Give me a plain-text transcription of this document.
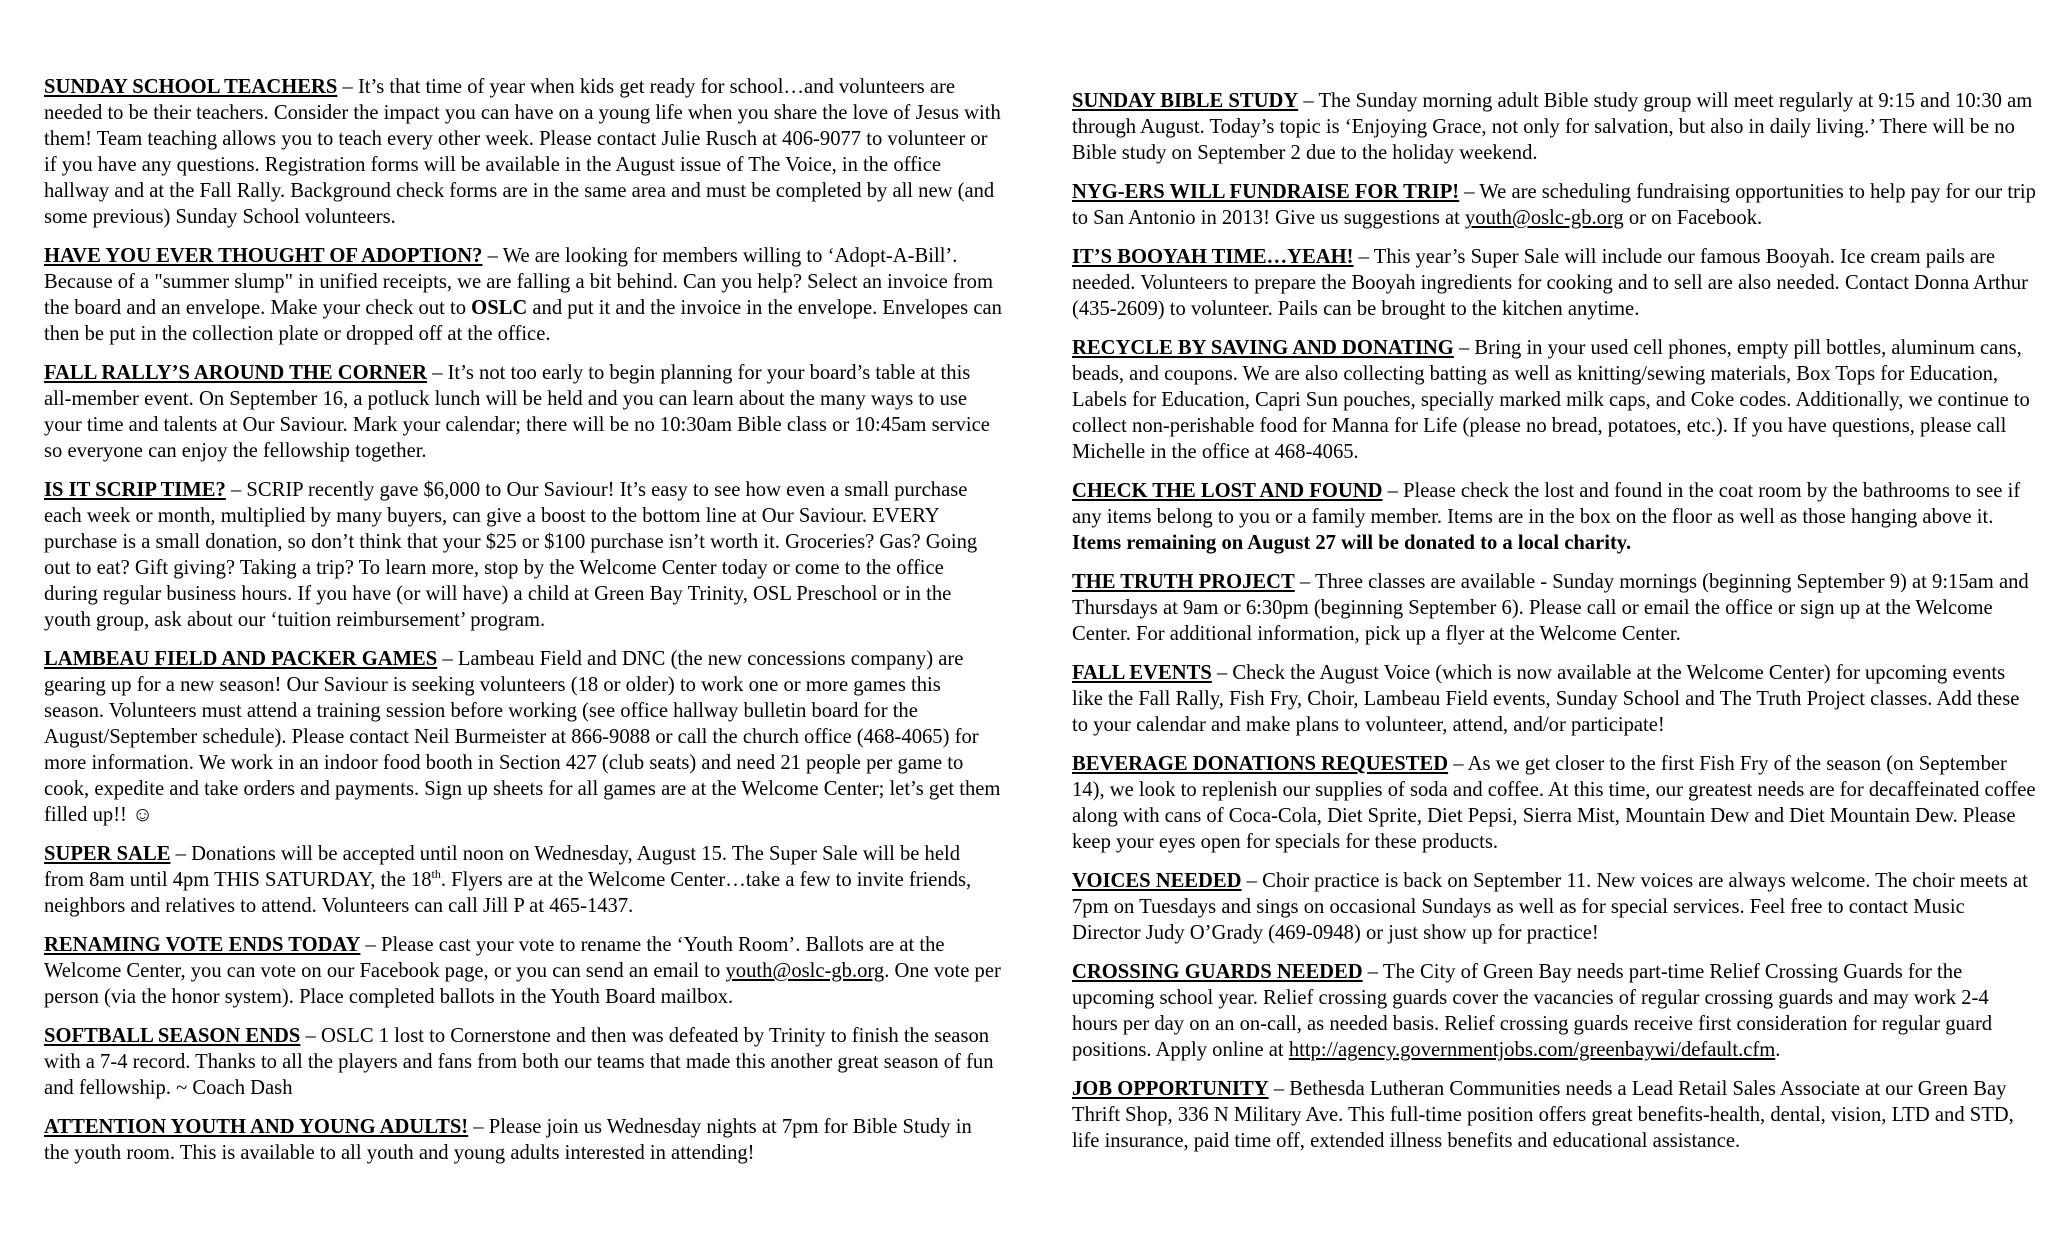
SUNDAY SCHOOL TEACHERS – It’s that time of year when kids get ready for school…and volunteers are needed to be their teachers. Consider the impact you can have on a young life when you share the love of Jesus with them! Team teaching allows you to teach every other week. Please contact Julie Rusch at 406-9077 to volunteer or if you have any questions. Registration forms will be available in the August issue of The Voice, in the office hallway and at the Fall Rally. Background check forms are in the same area and must be completed by all new (and some previous) Sunday School volunteers.

HAVE YOU EVER THOUGHT OF ADOPTION? – We are looking for members willing to ‘Adopt-A-Bill’. Because of a "summer slump" in unified receipts, we are falling a bit behind. Can you help? Select an invoice from the board and an envelope. Make your check out to OSLC and put it and the invoice in the envelope. Envelopes can then be put in the collection plate or dropped off at the office.

FALL RALLY’S AROUND THE CORNER – It’s not too early to begin planning for your board’s table at this all-member event. On September 16, a potluck lunch will be held and you can learn about the many ways to use your time and talents at Our Saviour. Mark your calendar; there will be no 10:30am Bible class or 10:45am service so everyone can enjoy the fellowship together.

IS IT SCRIP TIME? – SCRIP recently gave $6,000 to Our Saviour! It’s easy to see how even a small purchase each week or month, multiplied by many buyers, can give a boost to the bottom line at Our Saviour. EVERY purchase is a small donation, so don’t think that your $25 or $100 purchase isn’t worth it. Groceries? Gas? Going out to eat? Gift giving? Taking a trip? To learn more, stop by the Welcome Center today or come to the office during regular business hours. If you have (or will have) a child at Green Bay Trinity, OSL Preschool or in the youth group, ask about our ‘tuition reimbursement’ program.

LAMBEAU FIELD AND PACKER GAMES – Lambeau Field and DNC (the new concessions company) are gearing up for a new season! Our Saviour is seeking volunteers (18 or older) to work one or more games this season. Volunteers must attend a training session before working (see office hallway bulletin board for the August/September schedule). Please contact Neil Burmeister at 866-9088 or call the church office (468-4065) for more information. We work in an indoor food booth in Section 427 (club seats) and need 21 people per game to cook, expedite and take orders and payments. Sign up sheets for all games are at the Welcome Center; let’s get them filled up!! ☺

SUPER SALE – Donations will be accepted until noon on Wednesday, August 15. The Super Sale will be held from 8am until 4pm THIS SATURDAY, the 18th. Flyers are at the Welcome Center…take a few to invite friends, neighbors and relatives to attend. Volunteers can call Jill P at 465-1437.

RENAMING VOTE ENDS TODAY – Please cast your vote to rename the ‘Youth Room’. Ballots are at the Welcome Center, you can vote on our Facebook page, or you can send an email to youth@oslc-gb.org. One vote per person (via the honor system). Place completed ballots in the Youth Board mailbox.

SOFTBALL SEASON ENDS – OSLC 1 lost to Cornerstone and then was defeated by Trinity to finish the season with a 7-4 record. Thanks to all the players and fans from both our teams that made this another great season of fun and fellowship. ~ Coach Dash

ATTENTION YOUTH AND YOUNG ADULTS! – Please join us Wednesday nights at 7pm for Bible Study in the youth room. This is available to all youth and young adults interested in attending!

SUNDAY BIBLE STUDY – The Sunday morning adult Bible study group will meet regularly at 9:15 and 10:30 am through August. Today’s topic is ‘Enjoying Grace, not only for salvation, but also in daily living.’ There will be no Bible study on September 2 due to the holiday weekend.

NYG-ERS WILL FUNDRAISE FOR TRIP! – We are scheduling fundraising opportunities to help pay for our trip to San Antonio in 2013! Give us suggestions at youth@oslc-gb.org or on Facebook.

IT’S BOOYAH TIME…YEAH! – This year’s Super Sale will include our famous Booyah. Ice cream pails are needed. Volunteers to prepare the Booyah ingredients for cooking and to sell are also needed. Contact Donna Arthur (435-2609) to volunteer. Pails can be brought to the kitchen anytime.

RECYCLE BY SAVING AND DONATING – Bring in your used cell phones, empty pill bottles, aluminum cans, beads, and coupons. We are also collecting batting as well as knitting/sewing materials, Box Tops for Education, Labels for Education, Capri Sun pouches, specially marked milk caps, and Coke codes. Additionally, we continue to collect non-perishable food for Manna for Life (please no bread, potatoes, etc.). If you have questions, please call Michelle in the office at 468-4065.

CHECK THE LOST AND FOUND – Please check the lost and found in the coat room by the bathrooms to see if any items belong to you or a family member. Items are in the box on the floor as well as those hanging above it. Items remaining on August 27 will be donated to a local charity.

THE TRUTH PROJECT – Three classes are available - Sunday mornings (beginning September 9) at 9:15am and Thursdays at 9am or 6:30pm (beginning September 6). Please call or email the office or sign up at the Welcome Center. For additional information, pick up a flyer at the Welcome Center.

FALL EVENTS – Check the August Voice (which is now available at the Welcome Center) for upcoming events like the Fall Rally, Fish Fry, Choir, Lambeau Field events, Sunday School and The Truth Project classes. Add these to your calendar and make plans to volunteer, attend, and/or participate!

BEVERAGE DONATIONS REQUESTED – As we get closer to the first Fish Fry of the season (on September 14), we look to replenish our supplies of soda and coffee. At this time, our greatest needs are for decaffeinated coffee along with cans of Coca-Cola, Diet Sprite, Diet Pepsi, Sierra Mist, Mountain Dew and Diet Mountain Dew. Please keep your eyes open for specials for these products.

VOICES NEEDED – Choir practice is back on September 11. New voices are always welcome. The choir meets at 7pm on Tuesdays and sings on occasional Sundays as well as for special services. Feel free to contact Music Director Judy O’Grady (469-0948) or just show up for practice!

CROSSING GUARDS NEEDED – The City of Green Bay needs part-time Relief Crossing Guards for the upcoming school year. Relief crossing guards cover the vacancies of regular crossing guards and may work 2-4 hours per day on an on-call, as needed basis. Relief crossing guards receive first consideration for regular guard positions. Apply online at http://agency.governmentjobs.com/greenbaywi/default.cfm.

JOB OPPORTUNITY – Bethesda Lutheran Communities needs a Lead Retail Sales Associate at our Green Bay Thrift Shop, 336 N Military Ave. This full-time position offers great benefits-health, dental, vision, LTD and STD, life insurance, paid time off, extended illness benefits and educational assistance.
